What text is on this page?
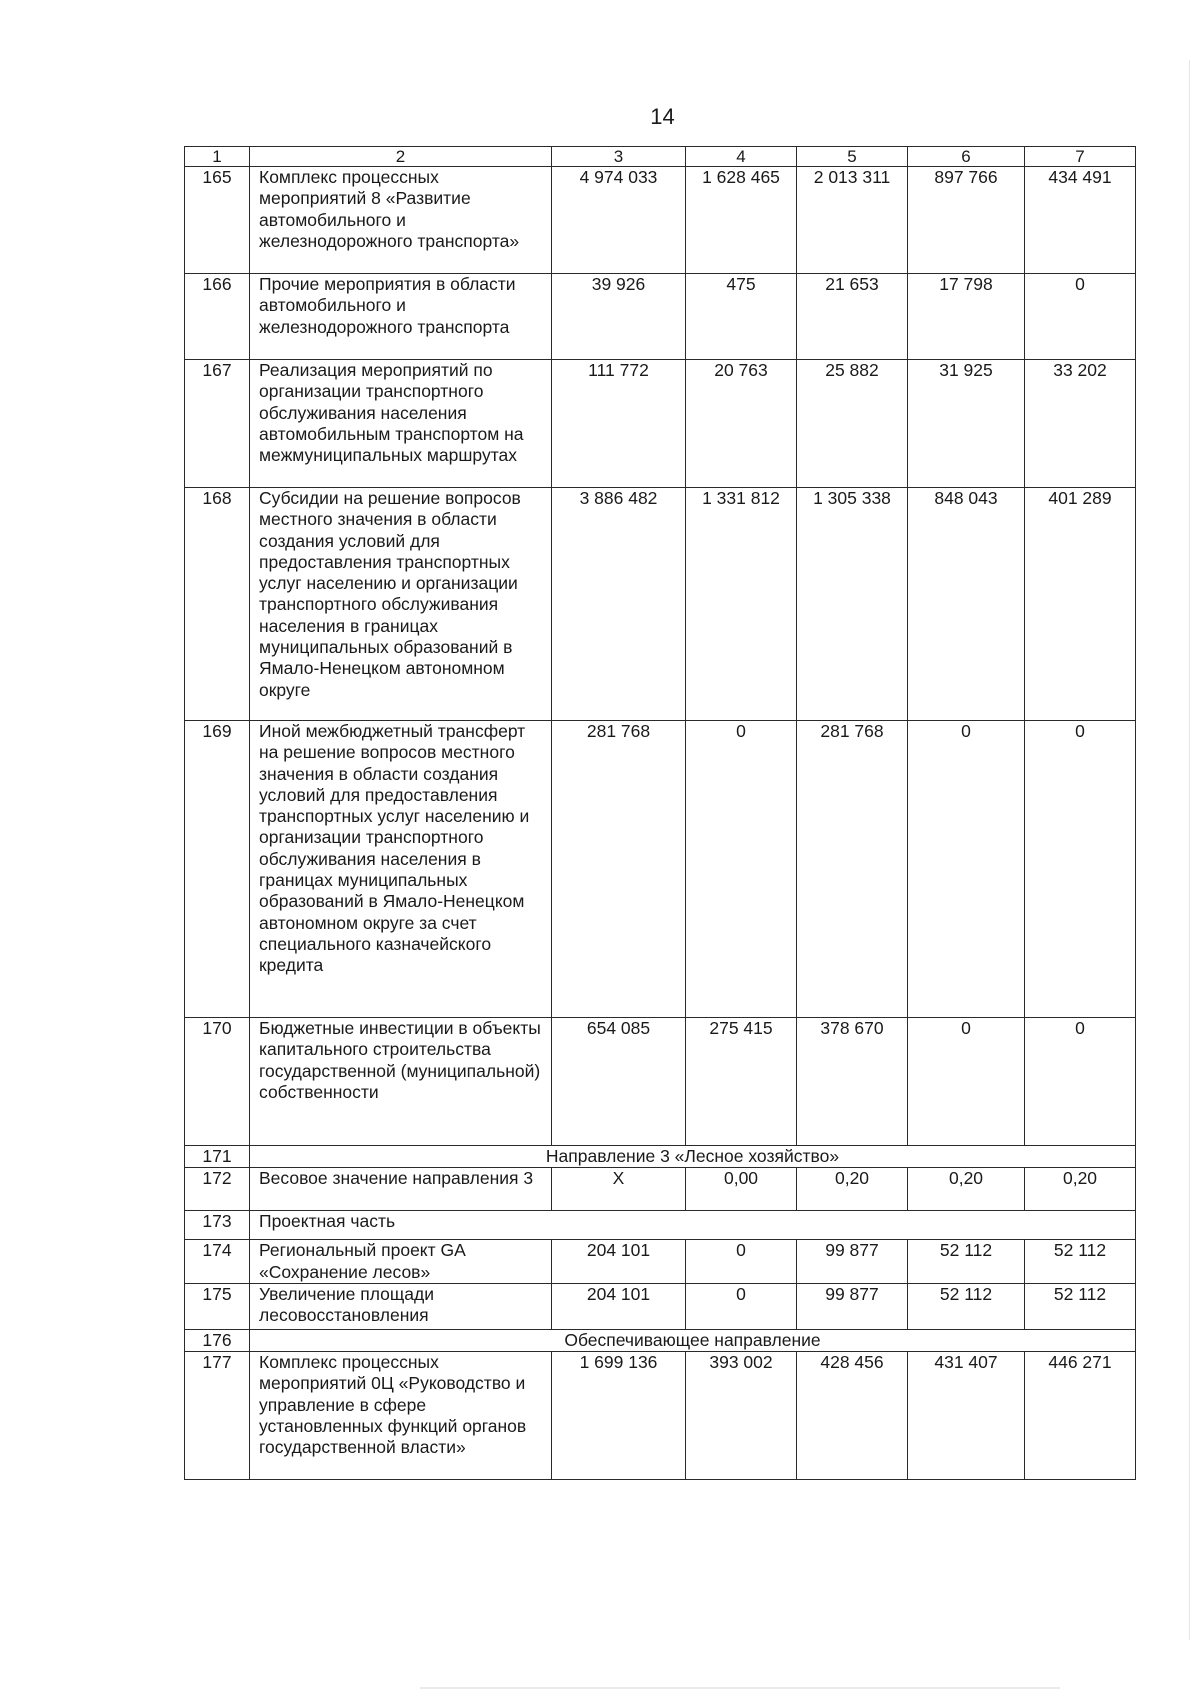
14
1	2	3	4	5	6	7
165	Комплекс процессных мероприятий 8 «Развитие автомобильного и железнодорожного транспорта»	4 974 033	1 628 465	2 013 311	897 766	434 491
166	Прочие мероприятия в области автомобильного и железнодорожного транспорта	39 926	475	21 653	17 798	0
167	Реализация мероприятий по организации транспортного обслуживания населения автомобильным транспортом на межмуниципальных маршрутах	111 772	20 763	25 882	31 925	33 202
168	Субсидии на решение вопросов местного значения в области создания условий для предоставления транспортных услуг населению и организации транспортного обслуживания населения в границах муниципальных образований в Ямало-Ненецком автономном округе	3 886 482	1 331 812	1 305 338	848 043	401 289
169	Иной межбюджетный трансферт на решение вопросов местного значения в области создания условий для предоставления транспортных услуг населению и организации транспортного обслуживания населения в границах муниципальных образований в Ямало-Ненецком автономном округе за счет специального казначейского кредита	281 768	0	281 768	0	0
170	Бюджетные инвестиции в объекты капитального строительства государственной (муниципальной) собственности	654 085	275 415	378 670	0	0
171	Направление 3 «Лесное хозяйство»					
172	Весовое значение направления 3	Х	0,00	0,20	0,20	0,20
173	Проектная часть					
174	Региональный проект GA «Сохранение лесов»	204 101	0	99 877	52 112	52 112
175	Увеличение площади лесовосстановления	204 101	0	99 877	52 112	52 112
176	Обеспечивающее направление					
177	Комплекс процессных мероприятий 0Ц «Руководство и управление в сфере установленных функций органов государственной власти»	1 699 136	393 002	428 456	431 407	446 271
